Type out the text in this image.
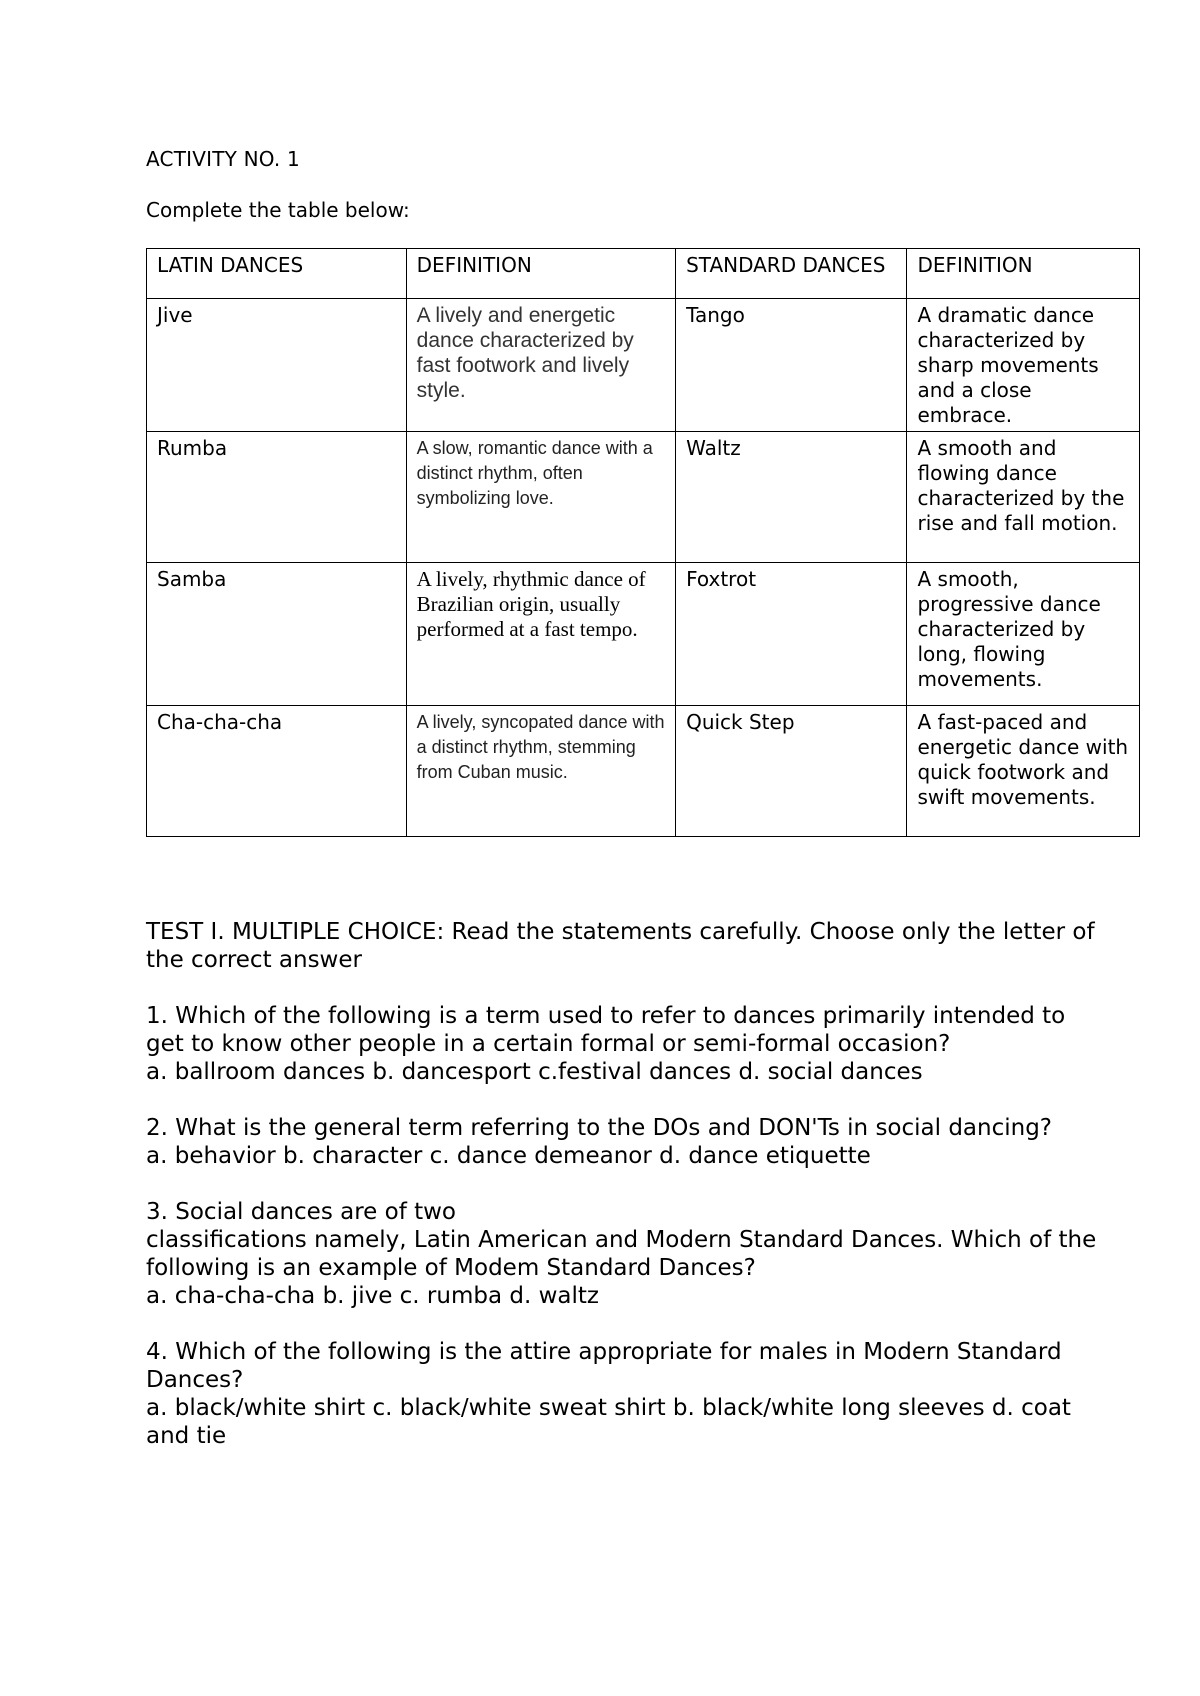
ACTIVITY NO. 1
Complete the table below:
LATIN DANCES	DEFINITION	STANDARD DANCES	DEFINITION
Jive	A lively and energetic dance characterized by fast footwork and lively style.	Tango	A dramatic dance characterized by sharp movements and a close embrace.
Rumba	A slow, romantic dance with a distinct rhythm, often symbolizing love.	Waltz	A smooth and flowing dance characterized by the rise and fall motion.
Samba	A lively, rhythmic dance of Brazilian origin, usually performed at a fast tempo.	Foxtrot	A smooth, progressive dance characterized by long, flowing movements.
Cha-cha-cha	A lively, syncopated dance with a distinct rhythm, stemming from Cuban music.	Quick Step	A fast-paced and energetic dance with quick footwork and swift movements.

TEST I. MULTIPLE CHOICE: Read the statements carefully. Choose only the letter of the correct answer

1. Which of the following is a term used to refer to dances primarily intended to get to know other people in a certain formal or semi-formal occasion?

a. ballroom dances b. dancesport c.festival dances d. social dances

2. What is the general term referring to the DOs and DON'Ts in social dancing?

a. behavior b. character c. dance demeanor d. dance etiquette

3. Social dances are of two

classifications namely, Latin American and Modern Standard Dances. Which of the following is an example of Modem Standard Dances?

a. cha-cha-cha b. jive c. rumba d. waltz

4. Which of the following is the attire appropriate for males in Modern Standard Dances?

a. black/white shirt c. black/white sweat shirt b. black/white long sleeves d. coat and tie
